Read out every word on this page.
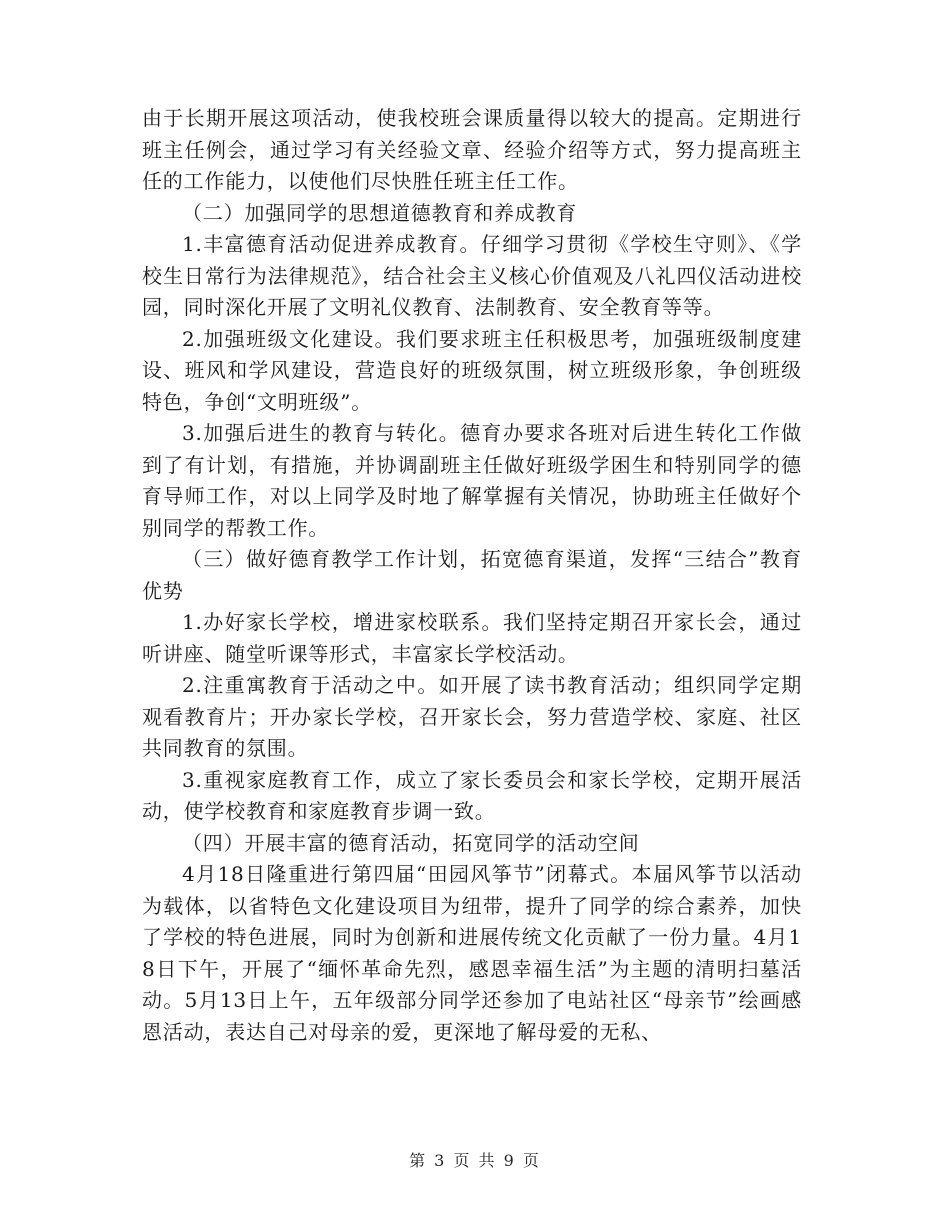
由于长期开展这项活动，使我校班会课质量得以较大的提高。定期进行班主任例会，通过学习有关经验文章、经验介绍等方式，努力提高班主任的工作能力，以使他们尽快胜任班主任工作。

（二）加强同学的思想道德教育和养成教育

1.丰富德育活动促进养成教育。仔细学习贯彻《学校生守则》、《学校生日常行为法律规范》，结合社会主义核心价值观及八礼四仪活动进校园，同时深化开展了文明礼仪教育、法制教育、安全教育等等。

2.加强班级文化建设。我们要求班主任积极思考，加强班级制度建设、班风和学风建设，营造良好的班级氛围，树立班级形象，争创班级特色，争创“文明班级”。

3.加强后进生的教育与转化。德育办要求各班对后进生转化工作做到了有计划，有措施，并协调副班主任做好班级学困生和特别同学的德育导师工作，对以上同学及时地了解掌握有关情况，协助班主任做好个别同学的帮教工作。

（三）做好德育教学工作计划，拓宽德育渠道，发挥“三结合”教育优势

1.办好家长学校，增进家校联系。我们坚持定期召开家长会，通过听讲座、随堂听课等形式，丰富家长学校活动。

2.注重寓教育于活动之中。如开展了读书教育活动；组织同学定期观看教育片；开办家长学校，召开家长会，努力营造学校、家庭、社区共同教育的氛围。

3.重视家庭教育工作，成立了家长委员会和家长学校，定期开展活动，使学校教育和家庭教育步调一致。

（四）开展丰富的德育活动，拓宽同学的活动空间

4月18日隆重进行第四届“田园风筝节”闭幕式。本届风筝节以活动为载体，以省特色文化建设项目为纽带，提升了同学的综合素养，加快了学校的特色进展，同时为创新和进展传统文化贡献了一份力量。4月18日下午，开展了“缅怀革命先烈，感恩幸福生活”为主题的清明扫墓活动。5月13日上午，五年级部分同学还参加了电站社区“母亲节”绘画感恩活动，表达自己对母亲的爱，更深地了解母爱的无私、

第 3 页 共 9 页
